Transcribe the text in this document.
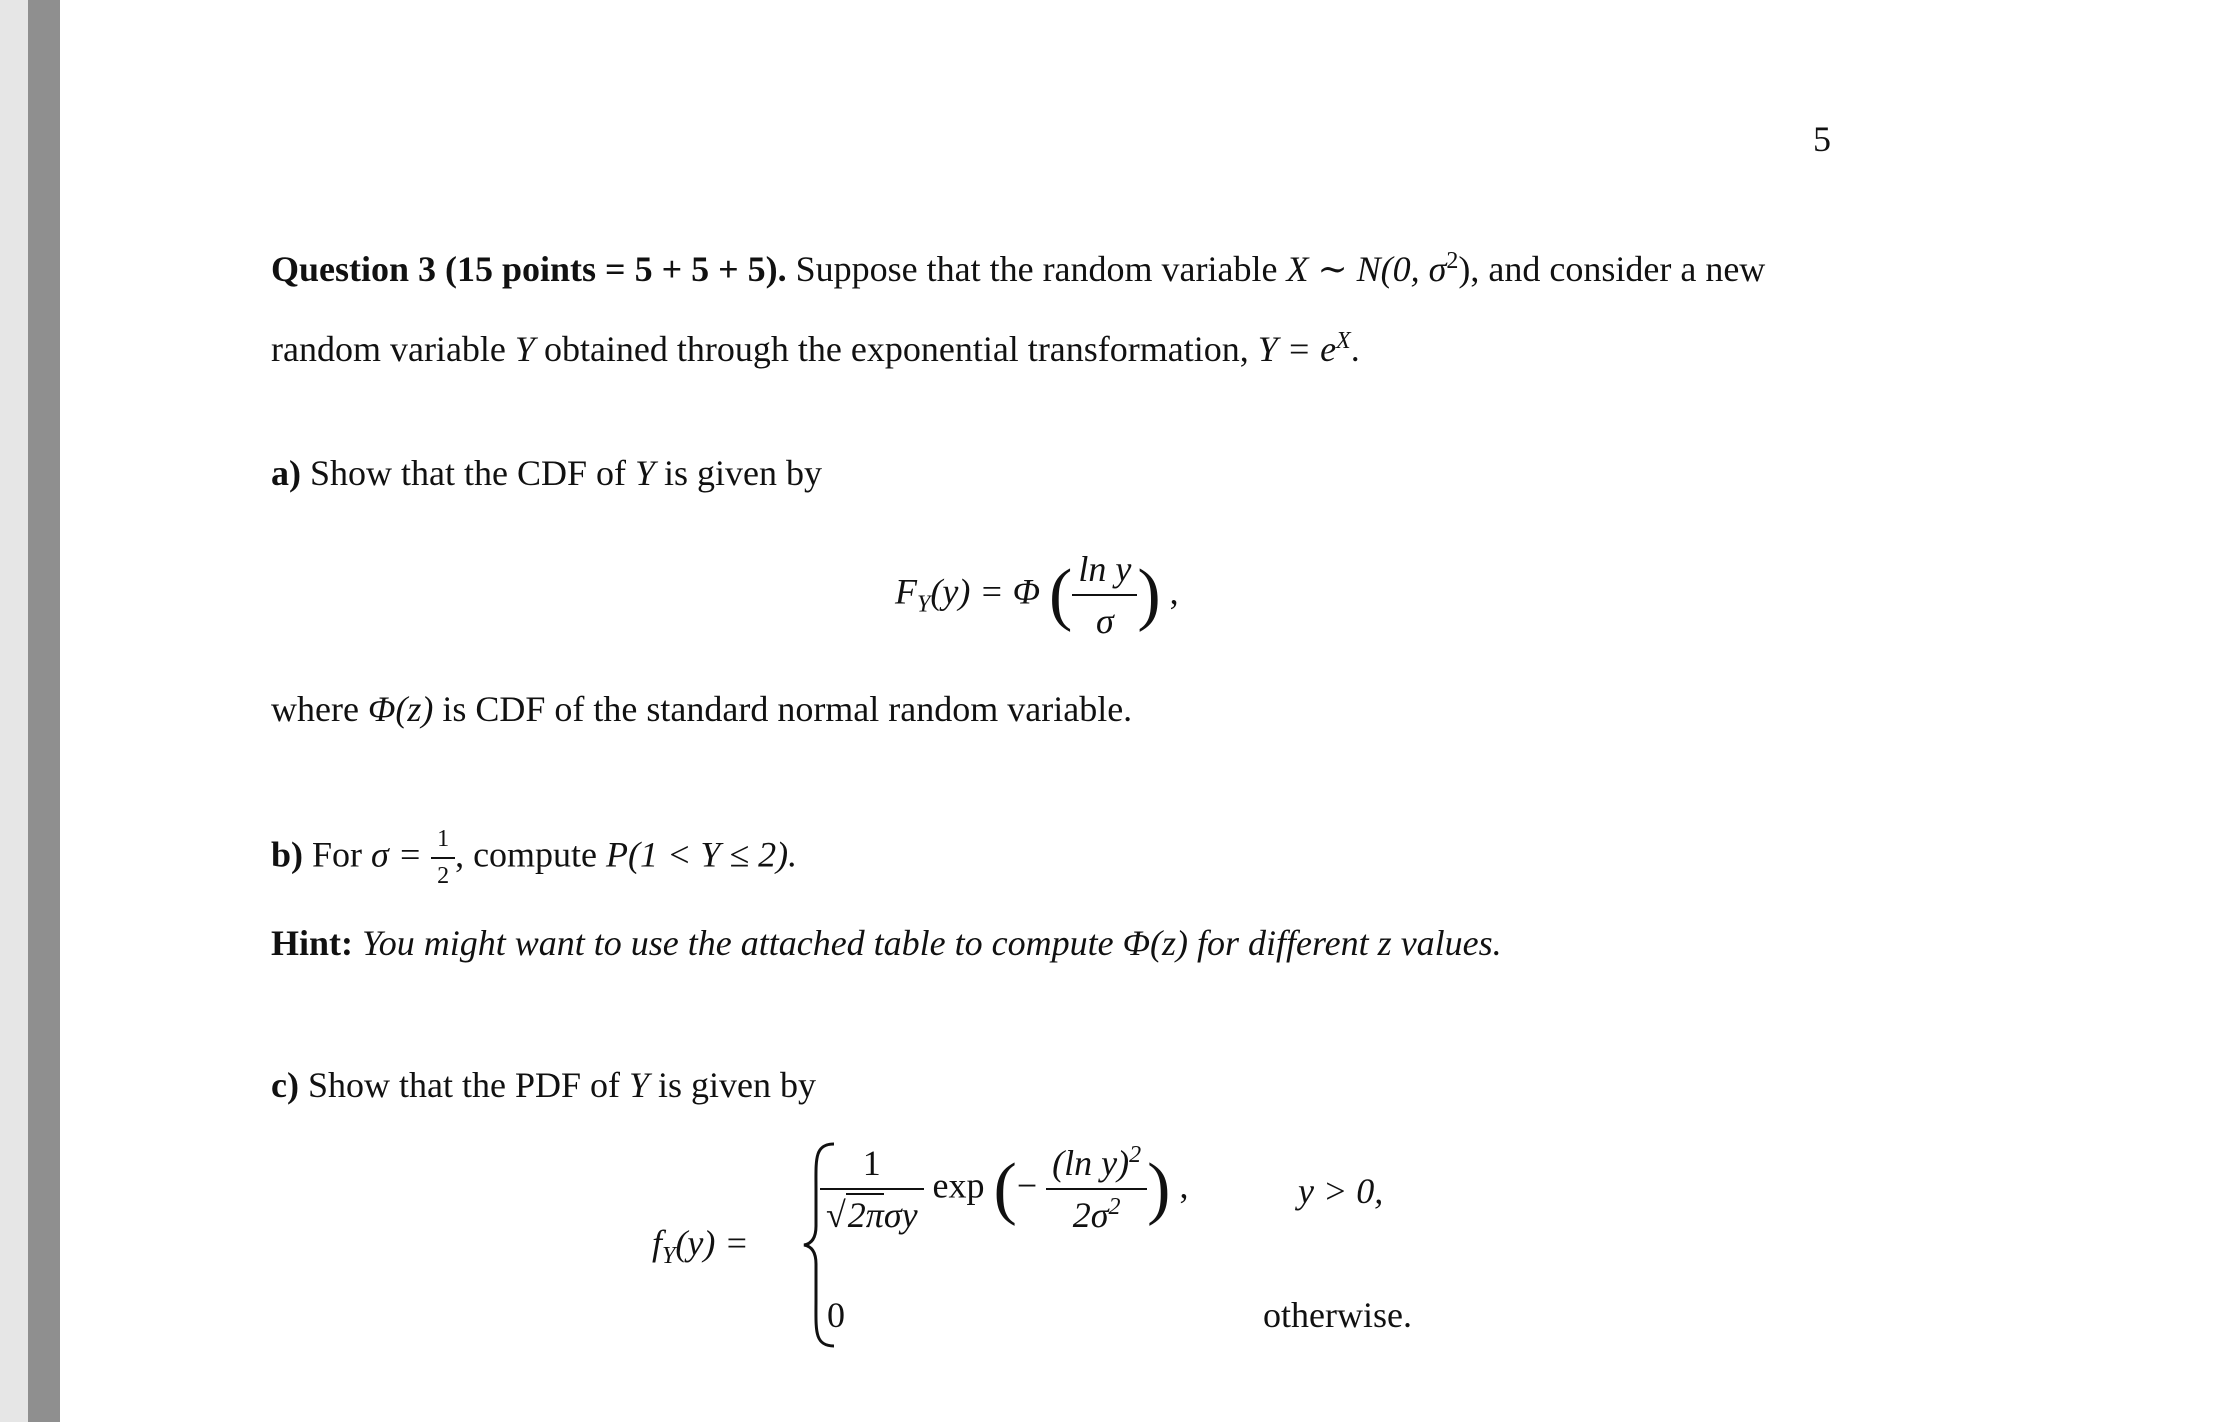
5
Question 3 (15 points = 5 + 5 + 5). Suppose that the random variable X ∼ N(0, $\sigma^2$), and consider a new
random variable Y obtained through the exponential transformation, $Y = e^X$.
a) Show that the CDF of Y is given by
$F_Y(y) = \Phi$ ( $\frac{\text{ln y}}{\sigma}$ ) ,
where Φ(z) is CDF of the standard normal random variable.
b) For $\sigma = \frac{1}{2}$ , compute P(1 < Y ≤ 2).
Hint: You might want to use the attached table to compute Φ(z) for different z values.
c) Show that the PDF of Y is given by
$f_Y(y)$ =
$\frac{1}{\text{√2πσy}}$ exp (− $\frac{(\ln y)^2}{2\sigma^2}$ ) ,	y > 0,
0	otherwise.
